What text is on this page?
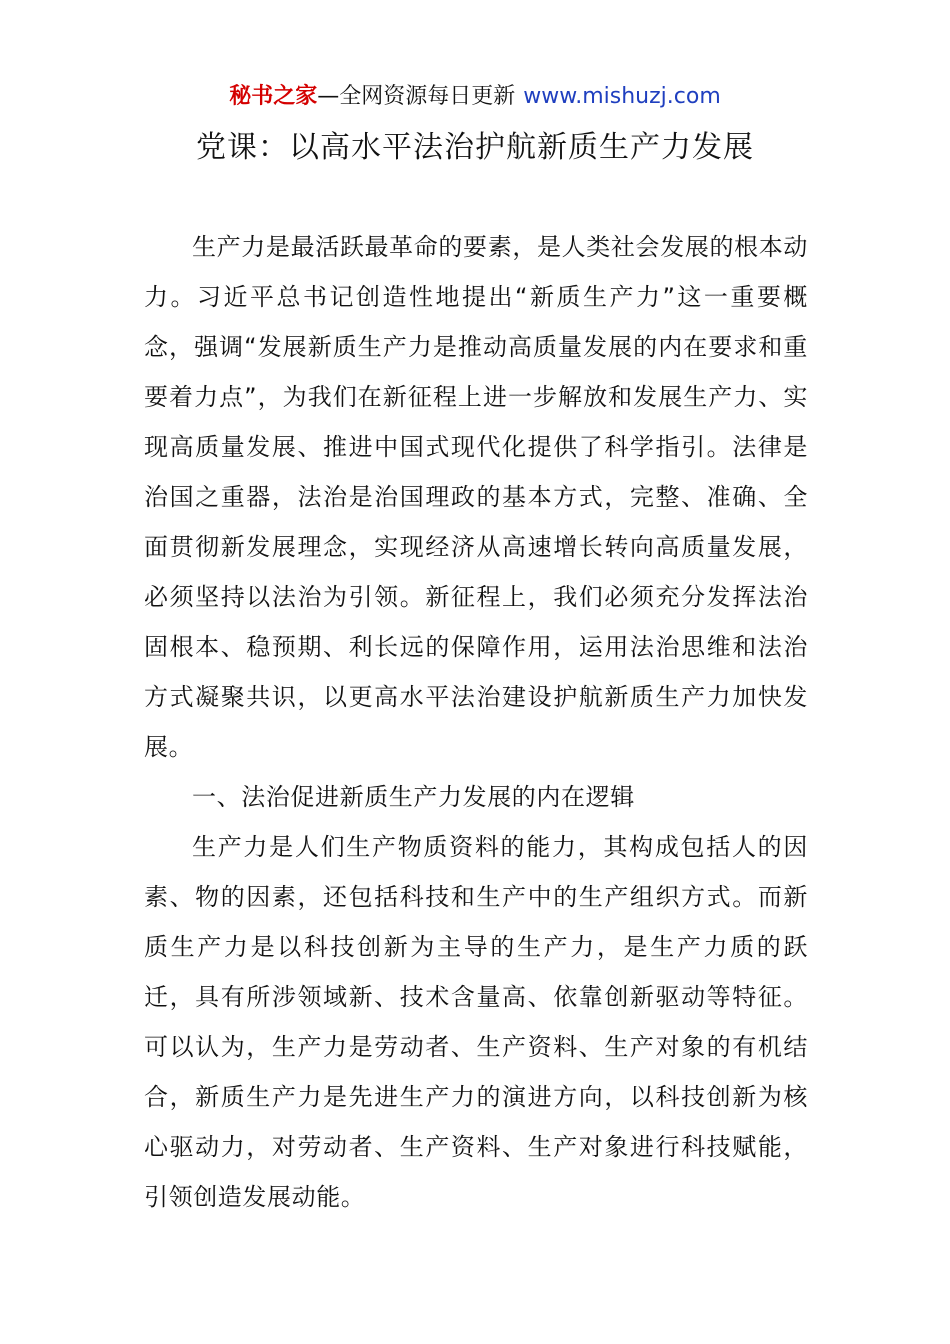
秘书之家—全网资源每日更新 www.mishuzj.com
党课：以高水平法治护航新质生产力发展

生产力是最活跃最革命的要素，是人类社会发展的根本动力。习近平总书记创造性地提出“新质生产力”这一重要概念，强调“发展新质生产力是推动高质量发展的内在要求和重要着力点”，为我们在新征程上进一步解放和发展生产力、实现高质量发展、推进中国式现代化提供了科学指引。法律是治国之重器，法治是治国理政的基本方式，完整、准确、全面贯彻新发展理念，实现经济从高速增长转向高质量发展，必须坚持以法治为引领。新征程上，我们必须充分发挥法治固根本、稳预期、利长远的保障作用，运用法治思维和法治方式凝聚共识，以更高水平法治建设护航新质生产力加快发展。

一、法治促进新质生产力发展的内在逻辑

生产力是人们生产物质资料的能力，其构成包括人的因素、物的因素，还包括科技和生产中的生产组织方式。而新质生产力是以科技创新为主导的生产力，是生产力质的跃迁，具有所涉领域新、技术含量高、依靠创新驱动等特征。可以认为，生产力是劳动者、生产资料、生产对象的有机结合，新质生产力是先进生产力的演进方向，以科技创新为核心驱动力，对劳动者、生产资料、生产对象进行科技赋能，引领创造发展动能。
